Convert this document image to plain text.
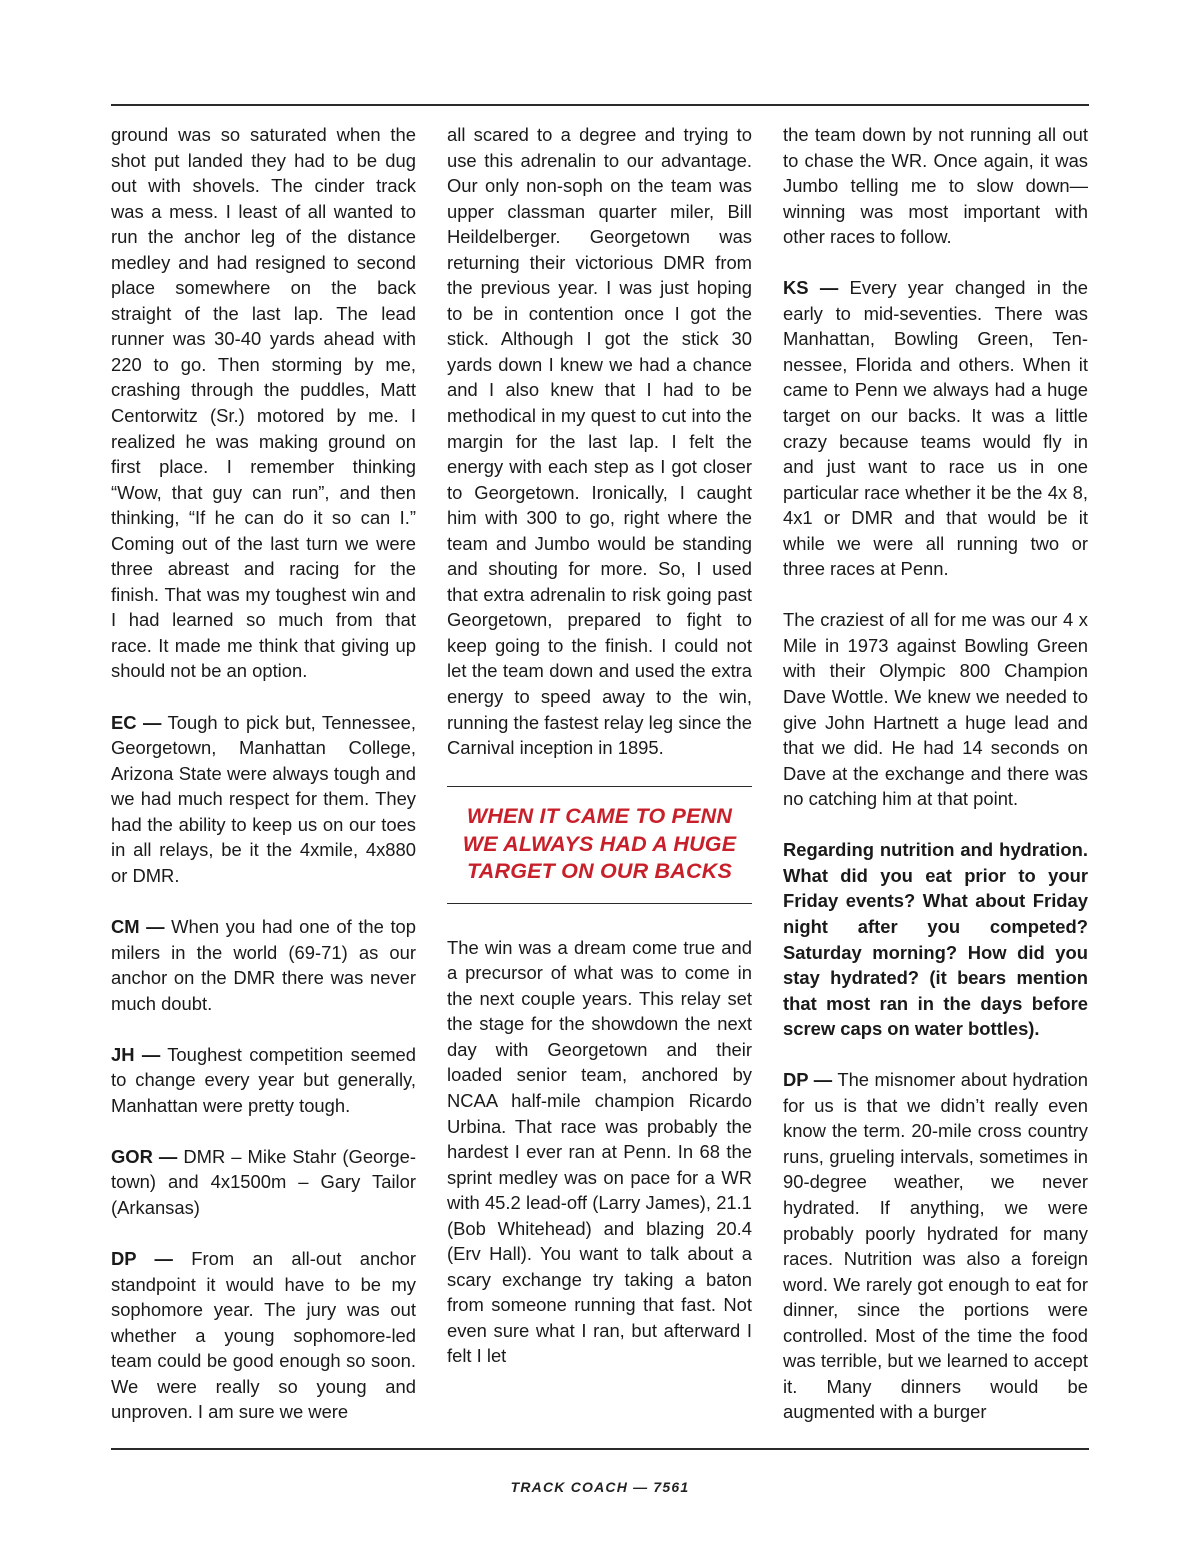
ground was so saturated when the shot put landed they had to be dug out with shovels. The cinder track was a mess. I least of all wanted to run the anchor leg of the distance medley and had resigned to second place somewhere on the back straight of the last lap. The lead runner was 30-40 yards ahead with 220 to go. Then storming by me, crashing through the puddles, Matt Centorwitz (Sr.) motored by me. I realized he was making ground on first place. I remember thinking “Wow, that guy can run”, and then thinking, “If he can do it so can I.” Coming out of the last turn we were three abreast and racing for the finish. That was my toughest win and I had learned so much from that race. It made me think that giving up should not be an option.

EC — Tough to pick but, Tennessee, Georgetown, Manhattan College, Arizona State were always tough and we had much respect for them. They had the ability to keep us on our toes in all relays, be it the 4xmile, 4x880 or DMR.

CM — When you had one of the top milers in the world (69-71) as our anchor on the DMR there was never much doubt.

JH — Toughest competition seemed to change every year but generally, Manhattan were pretty tough.

GOR — DMR – Mike Stahr (Georgetown) and 4x1500m – Gary Tailor (Arkansas)

DP — From an all-out anchor standpoint it would have to be my sophomore year. The jury was out whether a young sophomore-led team could be good enough so soon. We were really so young and unproven. I am sure we were

all scared to a degree and trying to use this adrenalin to our advantage. Our only non-soph on the team was upper classman quarter miler, Bill Heildelberger. Georgetown was returning their victorious DMR from the previous year. I was just hoping to be in contention once I got the stick. Although I got the stick 30 yards down I knew we had a chance and I also knew that I had to be methodical in my quest to cut into the margin for the last lap. I felt the energy with each step as I got closer to Georgetown. Ironically, I caught him with 300 to go, right where the team and Jumbo would be standing and shouting for more. So, I used that extra adrenalin to risk going past Georgetown, prepared to fight to keep going to the finish. I could not let the team down and used the extra energy to speed away to the win, running the fastest relay leg since the Carnival inception in 1895.

WHEN IT CAME TO PENN WE ALWAYS HAD A HUGE TARGET ON OUR BACKS

The win was a dream come true and a precursor of what was to come in the next couple years. This relay set the stage for the showdown the next day with Georgetown and their loaded senior team, anchored by NCAA half-mile champion Ricardo Urbina. That race was probably the hardest I ever ran at Penn. In 68 the sprint medley was on pace for a WR with 45.2 lead-off (Larry James), 21.1 (Bob Whitehead) and blazing 20.4 (Erv Hall). You want to talk about a scary exchange try taking a baton from someone running that fast. Not even sure what I ran, but afterward I felt I let

the team down by not running all out to chase the WR. Once again, it was Jumbo telling me to slow down—winning was most important with other races to follow.

KS — Every year changed in the early to mid-seventies. There was Manhattan, Bowling Green, Tennessee, Florida and others. When it came to Penn we always had a huge target on our backs. It was a little crazy because teams would fly in and just want to race us in one particular race whether it be the 4x 8, 4x1 or DMR and that would be it while we were all running two or three races at Penn.

The craziest of all for me was our 4 x Mile in 1973 against Bowling Green with their Olympic 800 Champion Dave Wottle. We knew we needed to give John Hartnett a huge lead and that we did. He had 14 seconds on Dave at the exchange and there was no catching him at that point.

Regarding nutrition and hydration. What did you eat prior to your Friday events? What about Friday night after you competed? Saturday morning? How did you stay hydrated? (it bears mention that most ran in the days before screw caps on water bottles).

DP — The misnomer about hydration for us is that we didn’t really even know the term. 20-mile cross country runs, grueling intervals, sometimes in 90-degree weather, we never hydrated. If anything, we were probably poorly hydrated for many races. Nutrition was also a foreign word. We rarely got enough to eat for dinner, since the portions were controlled. Most of the time the food was terrible, but we learned to accept it. Many dinners would be augmented with a burger

TRACK COACH — 7561
